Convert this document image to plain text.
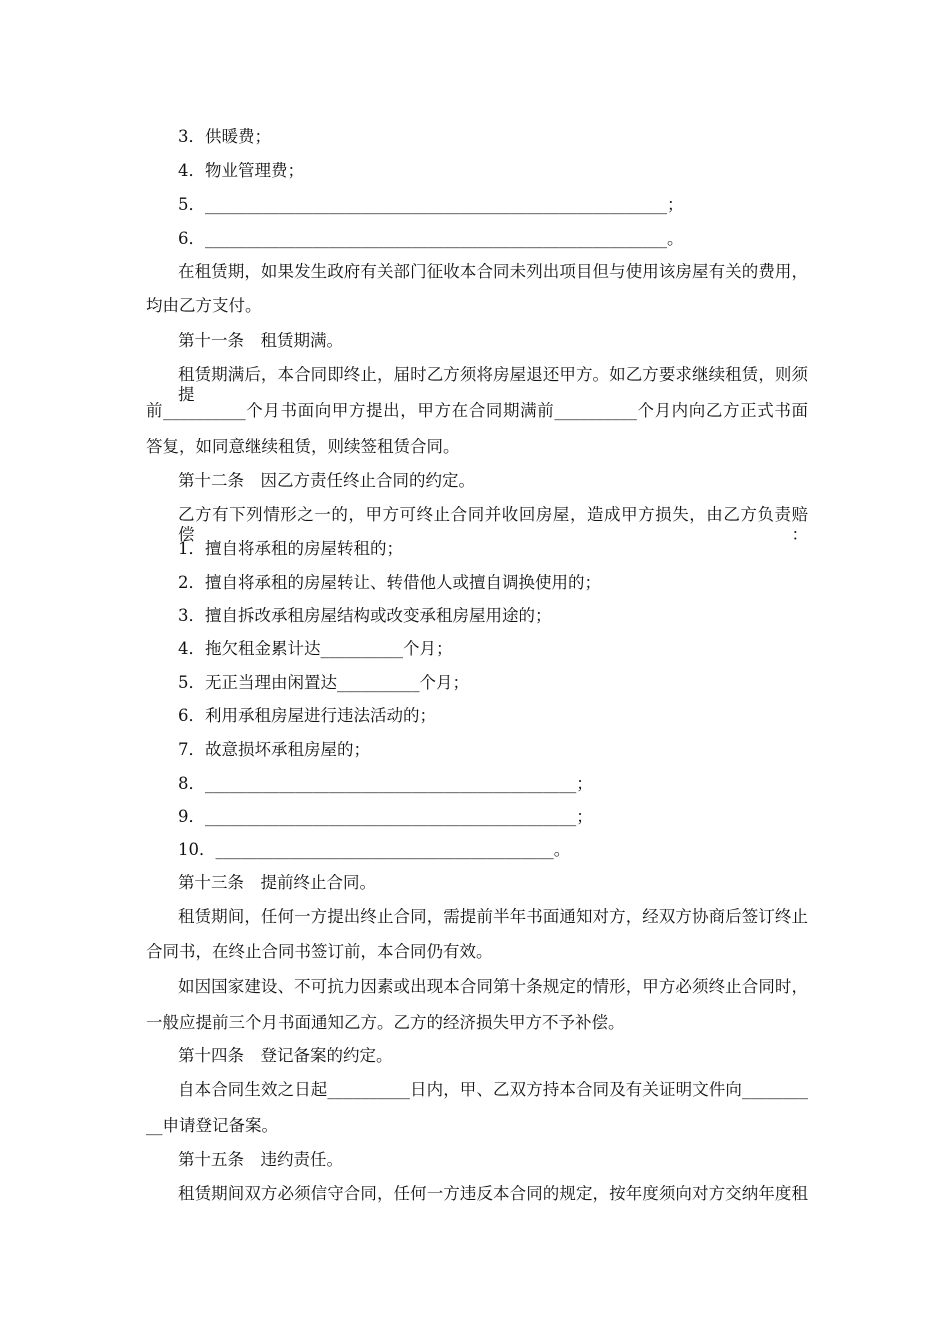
3．供暖费；
4．物业管理费；
5．________________________________________________________；
6．________________________________________________________。
在租赁期，如果发生政府有关部门征收本合同未列出项目但与使用该房屋有关的费用，
均由乙方支付。
第十一条　租赁期满。
租赁期满后，本合同即终止，届时乙方须将房屋退还甲方。如乙方要求继续租赁，则须提
前__________个月书面向甲方提出，甲方在合同期满前__________个月内向乙方正式书面
答复，如同意继续租赁，则续签租赁合同。
第十二条　因乙方责任终止合同的约定。
乙方有下列情形之一的，甲方可终止合同并收回房屋，造成甲方损失，由乙方负责赔偿：
1．擅自将承租的房屋转租的；
2．擅自将承租的房屋转让、转借他人或擅自调换使用的；
3．擅自拆改承租房屋结构或改变承租房屋用途的；
4．拖欠租金累计达__________个月；
5．无正当理由闲置达__________个月；
6．利用承租房屋进行违法活动的；
7．故意损坏承租房屋的；
8．_____________________________________________；
9．_____________________________________________；
10．_________________________________________。
第十三条　提前终止合同。
租赁期间，任何一方提出终止合同，需提前半年书面通知对方，经双方协商后签订终止
合同书，在终止合同书签订前，本合同仍有效。
如因国家建设、不可抗力因素或出现本合同第十条规定的情形，甲方必须终止合同时，
一般应提前三个月书面通知乙方。乙方的经济损失甲方不予补偿。
第十四条　登记备案的约定。
自本合同生效之日起__________日内，甲、乙双方持本合同及有关证明文件向________
__申请登记备案。
第十五条　违约责任。
租赁期间双方必须信守合同，任何一方违反本合同的规定，按年度须向对方交纳年度租
